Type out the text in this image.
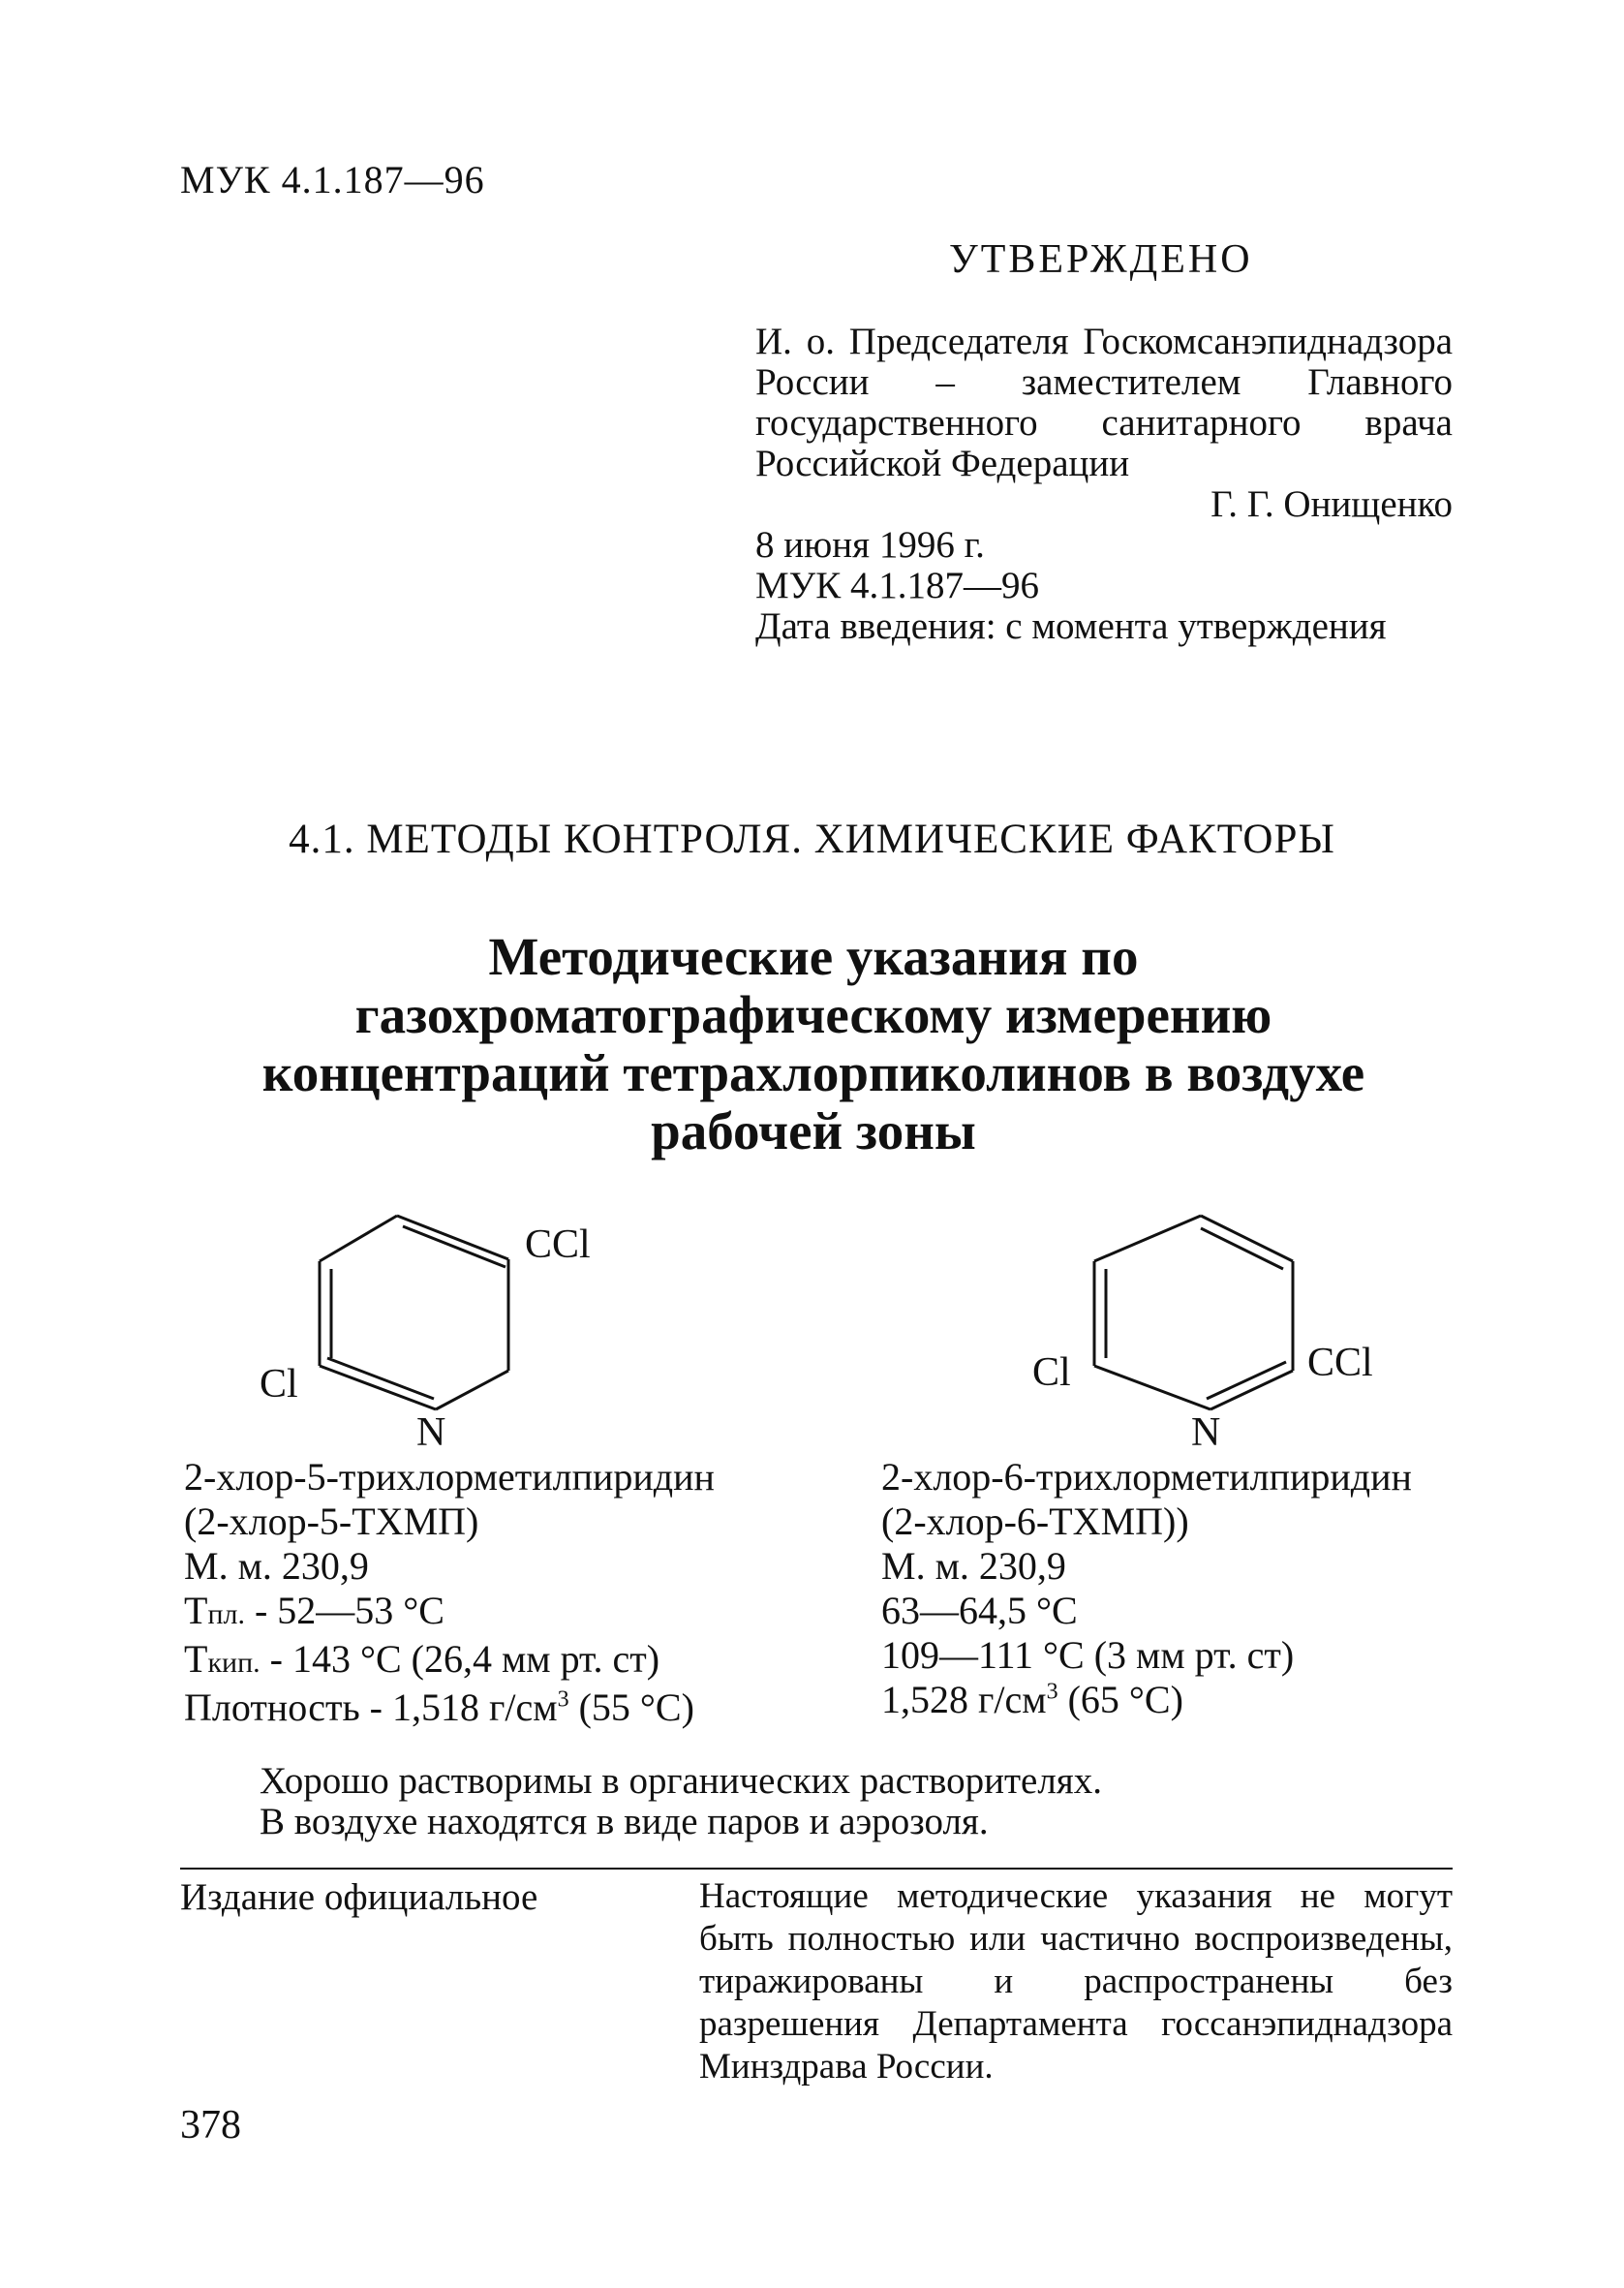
МУК 4.1.187—96
УТВЕРЖДЕНО

И. о. Председателя Госкомсанэпиднадзора России – заместителем Главного государственного санитарного врача Российской Федерации

Г. Г. Онищенко

8 июня 1996 г.

МУК 4.1.187—96

Дата введения: с момента утверждения

4.1. МЕТОДЫ КОНТРОЛЯ. ХИМИЧЕСКИЕ ФАКТОРЫ
Методические указания по
газохроматографическому измерению
концентраций тетрахлорпиколинов в воздухе
рабочей зоны
CCl
Cl
N
Cl	CCl
N
2-хлор-5-трихлорметилпиридин
(2-хлор-5-ТХМП)
М. м. 230,9
Тпл. - 52—53 °C
Ткип. - 143 °C (26,4 мм рт. ст)
Плотность - 1,518 $г/см^3$ (55 °C)
2-хлор-6-трихлорметилпиридин
(2-хлор-6-ТХМП))
М. м. 230,9
63—64,5 °C
109—111 °C (3 мм рт. ст)
1,528 $г/см^3$ (65 °C)
Хорошо растворимы в органических растворителях.
В воздухе находятся в виде паров и аэрозоля.
Издание официальное	Настоящие методические указания не могут быть полностью или частично воспроизведены, тиражированы и распространены без разрешения Департамента госсанэпиднадзора Минздрава России.
378
